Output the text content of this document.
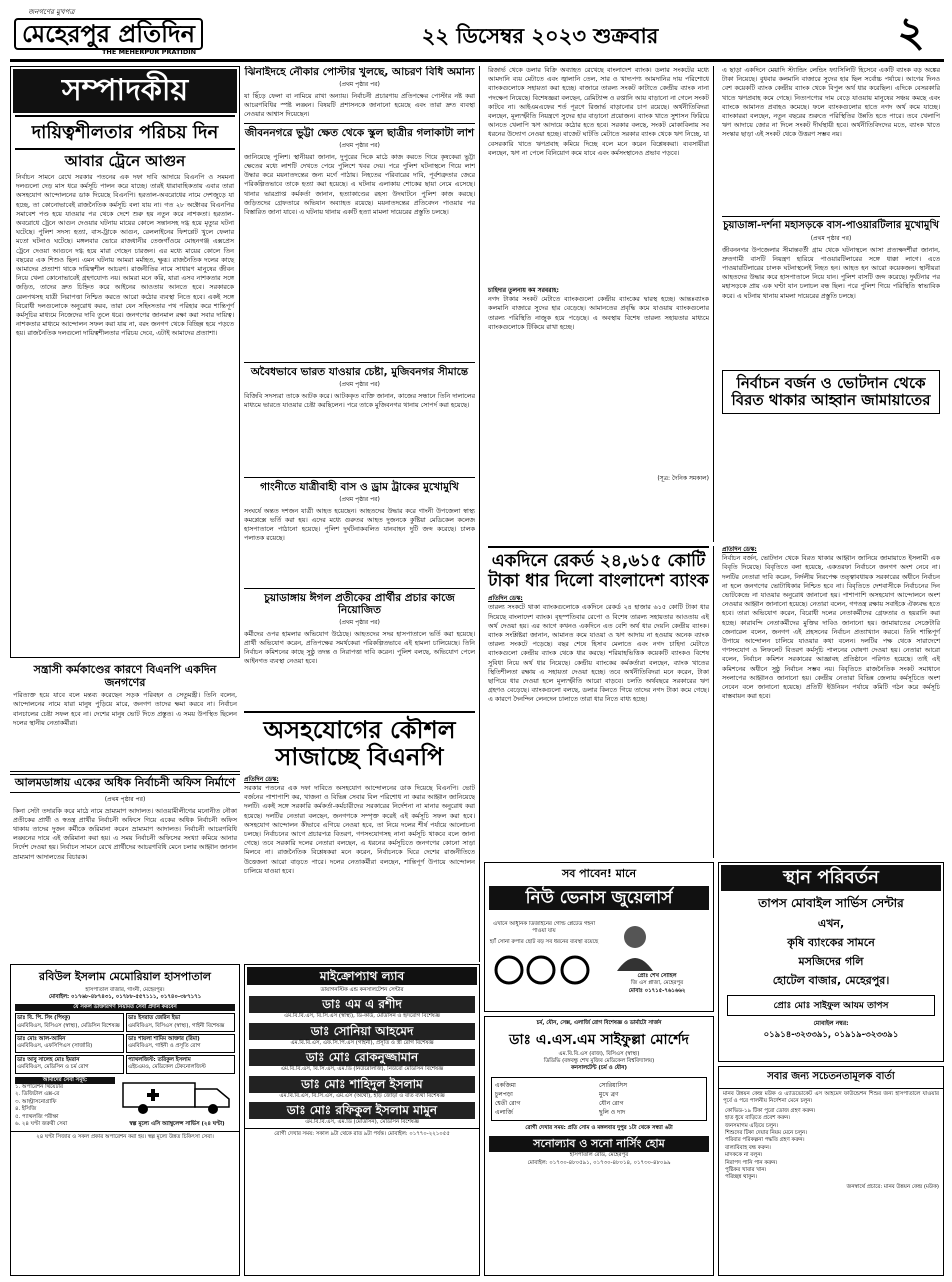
জনগণের মুখপত্র
মেহেরপুর প্রতিদিন
THE MEHERPUR PRATIDIN
২২ ডিসেম্বর ২০২৩ শুক্রবার	২
সম্পাদকীয়
দায়িত্বশীলতার পরিচয় দিন
আবার ট্রেনে আগুন
নির্বাচন সামনে রেখে সরকার পতনের এক দফা দাবি আদায়ে বিএনপি ও সমমনা দলগুলো দেড় মাস ধরে কর্মসূচি পালন করে যাচ্ছে। তারই ধারাবাহিকতায় এবার তারা অসহযোগ আন্দোলনের ডাক দিয়েছে বিএনপি। হরতাল-অবরোধের নামে দেশজুড়ে যা হচ্ছে, তা কোনোভাবেই রাজনৈতিক কর্মসূচি বলা যায় না। গত ২৮ অক্টোবর বিএনপির সমাবেশ পণ্ড হয়ে যাওয়ার পর থেকে দেশে শুরু হয় নতুন করে নাশকতা। হরতাল-অবরোধে ট্রেনে আগুন দেওয়ার ঘটনায় মায়ের কোলে সন্তানসহ দগ্ধ হয়ে মৃত্যুর ঘটনা ঘটেছে। পুলিশ সদস্য হত্যা, বাস-ট্রাকে আগুন, রেললাইনের ফিশপ্লেট খুলে ফেলার মতো ঘটনাও ঘটেছে। মঙ্গলবার ভোরে রাজধানীর তেজগাঁওয়ে মোহনগঞ্জ এক্সপ্রেস ট্রেনে দেওয়া আগুনে দগ্ধ হয়ে মারা গেছেন চারজন। এর মধ্যে মায়ের কোলে তিন বছরের এক শিশুও ছিল। এমন ঘটনায় আমরা মর্মাহত, ক্ষুব্ধ। রাজনৈতিক দলের কাছে আমাদের প্রত্যাশা থাকে দায়িত্বশীল আচরণ। রাজনীতির নামে সাধারণ মানুষের জীবন নিয়ে খেলা কোনোভাবেই গ্রহণযোগ্য নয়। আমরা মনে করি, যারা এসব নাশকতার সঙ্গে জড়িত, তাদের দ্রুত চিহ্নিত করে আইনের আওতায় আনতে হবে। সরকারকে রেলপথসহ যাত্রী নিরাপত্তা নিশ্চিত করতে আরো কঠোর ব্যবস্থা নিতে হবে। একই সঙ্গে বিরোধী দলগুলোকে অনুরোধ করব, তারা যেন সহিংসতার পথ পরিহার করে শান্তিপূর্ণ কর্মসূচির মাধ্যমে নিজেদের দাবি তুলে ধরে। জনগণের জানমাল রক্ষা করা সবার দায়িত্ব। নাশকতার মাধ্যমে আন্দোলন সফল করা যায় না, বরং জনগণ থেকে বিচ্ছিন্ন হয়ে পড়তে হয়। রাজনৈতিক দলগুলো দায়িত্বশীলতার পরিচয় দেবে, এটাই আমাদের প্রত্যাশা।
সন্ত্রাসী কর্মকাণ্ডের কারণে বিএনপি একদিন জনগণের
পরিত্যক্ত হয়ে যাবে বলে মন্তব্য করেছেন সড়ক পরিবহন ও সেতুমন্ত্রী। তিনি বলেন, আন্দোলনের নামে যারা মানুষ পুড়িয়ে মারে, জনগণ তাদের ক্ষমা করবে না। নির্বাচন বানচালের চেষ্টা সফল হবে না। দেশের মানুষ ভোট দিতে প্রস্তুত। এ সময় উপস্থিত ছিলেন দলের স্থানীয় নেতাকর্মীরা।
আলমডাঙ্গায় একের অধিক নির্বাচনী অফিস নির্মাণে
(প্রথম পৃষ্ঠার পর)
কিনা সেটা তদারকি করে মাঠে নামে ভ্রাম্যমাণ আদালত। আওয়ামীলীগের মনোনীত নৌকা প্রতীকের প্রার্থী ও স্বতন্ত্র প্রার্থীর নির্বাচনী অফিসে গিয়ে একের অধিক নির্বাচনী অফিস থাকায় তাদের দুজন কর্মীকে জরিমানা করেন ভ্রাম্যমাণ আদালত। নির্বাচনী আচরণবিধি লঙ্ঘনের দায়ে এই জরিমানা করা হয়। এ সময় নির্বাচনী অফিসের সংখ্যা কমিয়ে আনার নির্দেশ দেওয়া হয়। নির্বাচন সামনে রেখে প্রার্থীদের আচরণবিধি মেনে চলার আহ্বান জানান ভ্রাম্যমাণ আদালতের বিচারক।
ঝিনাইদহে নৌকার পোস্টার খুলছে, আচরণ বিধি অমান্য
(প্রথম পৃষ্ঠার পর)
যা ছিঁড়ে ফেলা বা নামিয়ে রাখা অন্যায়। নির্বাচনী প্রচারণায় প্রতিপক্ষের পোস্টার নষ্ট করা আচরণবিধির স্পষ্ট লঙ্ঘন। বিষয়টি প্রশাসনকে জানানো হয়েছে এবং তারা দ্রুত ব্যবস্থা নেওয়ার আশ্বাস দিয়েছেন।
জীবননগরে ভুট্টা ক্ষেত থেকে স্কুল ছাত্রীর গলাকাটা লাশ
(প্রথম পৃষ্ঠার পর)
জানিয়েছে পুলিশ। স্থানীয়রা জানান, দুপুরের দিকে মাঠে কাজ করতে গিয়ে কৃষকেরা ভুট্টা ক্ষেতের মধ্যে লাশটি দেখতে পেয়ে পুলিশে খবর দেয়। পরে পুলিশ ঘটনাস্থলে গিয়ে লাশ উদ্ধার করে ময়নাতদন্তের জন্য মর্গে পাঠায়। নিহতের পরিবারের দাবি, পূর্বশত্রুতার জেরে পরিকল্পিতভাবে তাকে হত্যা করা হয়েছে। এ ঘটনায় এলাকায় শোকের ছায়া নেমে এসেছে। থানার ভারপ্রাপ্ত কর্মকর্তা জানান, হত্যাকাণ্ডের রহস্য উদঘাটনে পুলিশ কাজ করছে। জড়িতদের গ্রেফতারে অভিযান অব্যাহত রয়েছে। ময়নাতদন্তের প্রতিবেদন পাওয়ার পর বিস্তারিত জানা যাবে। এ ঘটনায় থানায় একটি হত্যা মামলা দায়েরের প্রস্তুতি চলছে।
অবৈধভাবে ভারত যাওয়ার চেষ্টা, মুজিবনগর সীমান্তে
(প্রথম পৃষ্ঠার পর)
বিজিবি সদস্যরা তাকে আটক করে। আটককৃত ব্যক্তি জানান, কাজের সন্ধানে তিনি দালালের মাধ্যমে ভারতে যাওয়ার চেষ্টা করছিলেন। পরে তাকে মুজিবনগর থানায় সোপর্দ করা হয়েছে।
গাংনীতে যাত্রীবাহী বাস ও ড্রাম ট্রাকের মুখোমুখি
(প্রথম পৃষ্ঠার পর)
সংঘর্ষে অন্তত দশজন যাত্রী আহত হয়েছেন। আহতদের উদ্ধার করে গাংনী উপজেলা স্বাস্থ্য কমপ্লেক্সে ভর্তি করা হয়। এদের মধ্যে গুরুতর আহত দুজনকে কুষ্টিয়া মেডিকেল কলেজ হাসপাতালে পাঠানো হয়েছে। পুলিশ দুর্ঘটনাকবলিত যানবাহন দুটি জব্দ করেছে। চালক পলাতক রয়েছে।
চুয়াডাঙ্গায় ঈগল প্রতীকের প্রার্থীর প্রচার কাজে নিয়োজিত
(প্রথম পৃষ্ঠার পর)
কর্মীদের ওপর হামলার অভিযোগ উঠেছে। আহতদের সদর হাসপাতালে ভর্তি করা হয়েছে। প্রার্থী অভিযোগ করেন, প্রতিপক্ষের সমর্থকেরা পরিকল্পিতভাবে এই হামলা চালিয়েছে। তিনি নির্বাচন কমিশনের কাছে সুষ্ঠু তদন্ত ও নিরাপত্তা দাবি করেন। পুলিশ বলছে, অভিযোগ পেলে আইনগত ব্যবস্থা নেওয়া হবে।
অসহযোগের কৌশল
সাজাচ্ছে বিএনপি
প্রতিদিন ডেস্ক:
সরকার পতনের এক দফা দাবিতে অসহযোগ আন্দোলনের ডাক দিয়েছে বিএনপি। ভোট বর্জনের পাশাপাশি কর, খাজনা ও বিভিন্ন সেবার বিল পরিশোধ না করার আহ্বান জানিয়েছে দলটি। একই সঙ্গে সরকারি কর্মকর্তা-কর্মচারীদের সরকারের নির্দেশনা না মানার অনুরোধ করা হয়েছে। দলটির নেতারা বলছেন, জনগণকে সম্পৃক্ত করেই এই কর্মসূচি সফল করা হবে। অসহযোগ আন্দোলন কীভাবে এগিয়ে নেওয়া হবে, তা নিয়ে দলের শীর্ষ পর্যায়ে আলোচনা চলছে। নির্বাচনের আগে প্রচারপত্র বিতরণ, গণসংযোগসহ নানা কর্মসূচি থাকবে বলে জানা গেছে। তবে সরকারি দলের নেতারা বলছেন, এ ধরনের কর্মসূচিতে জনগণের কোনো সাড়া মিলবে না। রাজনৈতিক বিশ্লেষকরা মনে করেন, নির্বাচনকে ঘিরে দেশের রাজনীতিতে উত্তেজনা আরো বাড়তে পারে। দলের নেতাকর্মীরা বলছেন, শান্তিপূর্ণ উপায়ে আন্দোলন চালিয়ে যাওয়া হবে।
রিজার্ভ থেকে ডলার বিক্রি অব্যাহত রেখেছে বাংলাদেশ ব্যাংক। ডলার সংকটের মধ্যে আমদানি ব্যয় মেটাতে এবং জ্বালানি তেল, সার ও খাদ্যপণ্য আমদানির দায় পরিশোধে ব্যাংকগুলোকে সহায়তা করা হচ্ছে। বাজারে তারল্য সংকট কাটাতে কেন্দ্রীয় ব্যাংক নানা পদক্ষেপ নিয়েছে। বিশেষজ্ঞরা বলছেন, রেমিট্যান্স ও রপ্তানি আয় বাড়ানো না গেলে সংকট কাটবে না। আইএমএফের শর্ত পূরণে রিজার্ভ বাড়ানোর চাপ রয়েছে। অর্থনীতিবিদরা বলছেন, মূল্যস্ফীতি নিয়ন্ত্রণে সুদের হার বাড়ানো প্রয়োজন। ব্যাংক খাতে সুশাসন ফিরিয়ে আনতে খেলাপি ঋণ আদায়ে কঠোর হতে হবে। সরকার বলছে, সংকট মোকাবিলায় সব ধরনের উদ্যোগ নেওয়া হচ্ছে। বাজেট ঘাটতি মেটাতে সরকার ব্যাংক থেকে ঋণ নিচ্ছে, যা বেসরকারি খাতে ঋণপ্রবাহ কমিয়ে দিচ্ছে বলে মনে করেন বিশ্লেষকরা। ব্যবসায়ীরা বলছেন, ঋণ না পেলে বিনিয়োগ কমে যাবে এবং কর্মসংস্থানেও প্রভাব পড়বে।
চাহিদার তুলনায় কম সরবরাহ:
নগদ টাকার সংকট মেটাতে ব্যাংকগুলো কেন্দ্রীয় ব্যাংকের দ্বারস্থ হচ্ছে। আন্তঃব্যাংক কলমানি বাজারে সুদের হার বেড়েছে। আমানতের প্রবৃদ্ধি কমে যাওয়ায় ব্যাংকগুলোর তারল্য পরিস্থিতি নাজুক হয়ে পড়েছে। এ অবস্থায় বিশেষ তারল্য সহায়তার মাধ্যমে ব্যাংকগুলোকে টিকিয়ে রাখা হচ্ছে।
(সূত্র: দৈনিক সমকাল)
এ ছাড়া একদিনে মেয়াদি স্ট্যান্ডিং লেন্ডিং ফ্যাসিলিটি হিসেবে একটি ব্যাংক বড় অঙ্কের টাকা নিয়েছে। বুধবার কলমানি বাজারে সুদের হার ছিল সর্বোচ্চ পর্যায়ে। আগের দিনও বেশ কয়েকটি ব্যাংক কেন্দ্রীয় ব্যাংক থেকে বিপুল অর্থ ধার করেছিল। এদিকে বেসরকারি খাতে ঋণপ্রবাহ কমে গেছে। নিত্যপণ্যের দাম বেড়ে যাওয়ায় মানুষের সঞ্চয় কমছে এবং ব্যাংকে আমানত প্রবাহও কমেছে। ফলে ব্যাংকগুলোর হাতে নগদ অর্থ কমে যাচ্ছে। ব্যাংকাররা বলছেন, নতুন বছরের শুরুতে পরিস্থিতির উন্নতি হতে পারে। তবে খেলাপি ঋণ আদায়ে জোর না দিলে সংকট দীর্ঘস্থায়ী হবে। অর্থনীতিবিদদের মতে, ব্যাংক খাতে সংস্কার ছাড়া এই সংকট থেকে উত্তরণ সম্ভব নয়।
চুয়াডাঙ্গা-দর্শনা মহাসড়কে বাস-পাওয়ারটিলার মুখোমুখি
(প্রথম পৃষ্ঠার পর)
জীবননগর উপজেলার সীমান্তবর্তী গ্রাম থেকে ঘটনাস্থলে আসা প্রত্যক্ষদর্শীরা জানান, দ্রুতগামী বাসটি নিয়ন্ত্রণ হারিয়ে পাওয়ারটিলারের সঙ্গে ধাক্কা লাগে। এতে পাওয়ারটিলারের চালক ঘটনাস্থলেই নিহত হন। আহত হন আরো কয়েকজন। স্থানীয়রা আহতদের উদ্ধার করে হাসপাতালে নিয়ে যান। পুলিশ বাসটি জব্দ করেছে। দুর্ঘটনার পর মহাসড়কে প্রায় এক ঘণ্টা যান চলাচল বন্ধ ছিল। পরে পুলিশ গিয়ে পরিস্থিতি স্বাভাবিক করে। এ ঘটনায় থানায় মামলা দায়েরের প্রস্তুতি চলছে।
নির্বাচন বর্জন ও ভোটদান থেকে
বিরত থাকার আহ্বান জামায়াতের
একদিনে রেকর্ড ২৪,৬১৫ কোটি
টাকা ধার দিলো বাংলাদেশ ব্যাংক
প্রতিদিন ডেস্ক:
তারল্য সংকটে থাকা ব্যাংকগুলোকে একদিনে রেকর্ড ২৪ হাজার ৬১৫ কোটি টাকা ধার দিয়েছে বাংলাদেশ ব্যাংক। বৃহস্পতিবার রেপো ও বিশেষ তারল্য সহায়তার আওতায় এই অর্থ দেওয়া হয়। এর আগে কখনও একদিনে এত বেশি অর্থ ধার দেয়নি কেন্দ্রীয় ব্যাংক। ব্যাংক সংশ্লিষ্টরা জানান, আমানত কমে যাওয়া ও ঋণ আদায় না হওয়ায় অনেক ব্যাংক তারল্য সংকটে পড়েছে। বছর শেষে হিসাব মেলাতে এবং নগদ চাহিদা মেটাতে ব্যাংকগুলো কেন্দ্রীয় ব্যাংক থেকে ধার করছে। শরিয়াহভিত্তিক কয়েকটি ব্যাংকও বিশেষ সুবিধা নিয়ে অর্থ ধার নিয়েছে। কেন্দ্রীয় ব্যাংকের কর্মকর্তারা বলছেন, ব্যাংক খাতের স্থিতিশীলতা রক্ষায় এ সহায়তা দেওয়া হচ্ছে। তবে অর্থনীতিবিদরা মনে করেন, টাকা ছাপিয়ে ধার দেওয়া হলে মূল্যস্ফীতি আরো বাড়বে। চলতি অর্থবছরে সরকারের ঋণ গ্রহণও বেড়েছে। ব্যাংকগুলো বলছে, ডলার কিনতে গিয়ে তাদের নগদ টাকা কমে গেছে। এ কারণে দৈনন্দিন লেনদেন চালাতে তারা ধার নিতে বাধ্য হচ্ছে।
প্রতিদিন ডেস্ক:
নির্বাচন বর্জন, ভোটদান থেকে বিরত থাকার আহ্বান জানিয়ে জামায়াতে ইসলামী এক বিবৃতি দিয়েছে। বিবৃতিতে বলা হয়েছে, একতরফা নির্বাচনে জনগণ অংশ নেবে না। দলটির নেতারা দাবি করেন, নির্দলীয় নিরপেক্ষ তত্ত্বাবধায়ক সরকারের অধীনে নির্বাচন না হলে জনগণের ভোটাধিকার নিশ্চিত হবে না। বিবৃতিতে দেশবাসীকে নির্বাচনের দিন ভোটকেন্দ্রে না যাওয়ার অনুরোধ জানানো হয়। পাশাপাশি অসহযোগ আন্দোলনে অংশ নেওয়ার আহ্বান জানানো হয়েছে। নেতারা বলেন, গণতন্ত্র রক্ষায় সবাইকে ঐক্যবদ্ধ হতে হবে। তারা অভিযোগ করেন, বিরোধী দলের নেতাকর্মীদের গ্রেফতার ও হয়রানি করা হচ্ছে। কারাবন্দি নেতাকর্মীদের মুক্তির দাবিও জানানো হয়। জামায়াতের সেক্রেটারি জেনারেল বলেন, জনগণ এই প্রহসনের নির্বাচন প্রত্যাখ্যান করবে। তিনি শান্তিপূর্ণ উপায়ে আন্দোলন চালিয়ে যাওয়ার কথা বলেন। দলটির পক্ষ থেকে সারাদেশে গণসংযোগ ও লিফলেট বিতরণ কর্মসূচি পালনের ঘোষণা দেওয়া হয়। নেতারা আরো বলেন, নির্বাচন কমিশন সরকারের আজ্ঞাবহ প্রতিষ্ঠানে পরিণত হয়েছে। তাই এই কমিশনের অধীনে সুষ্ঠু নির্বাচন সম্ভব নয়। বিবৃতিতে রাজনৈতিক সংকট সমাধানে সংলাপের আহ্বানও জানানো হয়। কেন্দ্রীয় নেতারা বিভিন্ন জেলায় কর্মসূচিতে অংশ নেবেন বলে জানানো হয়েছে। প্রতিটি ইউনিয়ন পর্যায়ে কমিটি গঠন করে কর্মসূচি বাস্তবায়ন করা হবে।
সব পাবেন! মানে
নিউ ভেনাস জুয়েলার্স
এখানে আধুনিক ডিজাইনের গোল্ড প্লেটেড গহনা পাওয়া যায়
হ্যাঁ সোনা রুপার ছোট বড় সব ধরনের ব্যবস্থা রয়েছে
প্রোঃ শেখ সোহিল
জি এস প্লাজা, মেহেরপুর
মোবাঃ ০১৭১৫-৭৬১৬৬২
চর্ম, যৌন, সেক্স, এলার্জি রোগ বিশেষজ্ঞ ও ডার্মাটো সার্জন
ডাঃ এ.এস.এম সাইফুল্লা মোর্শেদ
এম.বি.বি.এস (রাজ), বিসিএস (স্বাস্থ্য)
ডিডিভি (বঙ্গবন্ধু শেখ মুজিব মেডিকেল বিশ্ববিদ্যালয়)
কনসালটেন্ট (চর্ম ও যৌন)
একজিমা	সোরিয়াসিস
চুলপড়া	মুখে ব্রণ
শ্বেতী রোগ	যৌন রোগ
এলার্জি	ছুলি ও দাদ
রোগী দেখার সময়: প্রতি সোম ও মঙ্গলবার দুপুর ১টা থেকে সন্ধ্যা ৬টা
সনোল্যাব ও সনো নার্সিং হোম
হাসপাতাল রোড, মেহেরপুর
মোবাইল: ০১৭৩০-৪৮০৫৯১, ০১৭৩০-৪৮০১৪, ০১৭৩০-৪৮০৯৯
স্থান পরিবর্তন
তাপস মোবাইল সার্ভিস সেন্টার
এখন,
কৃষি ব্যাংকের সামনে
মসজিদের গলি
হোটেল বাজার, মেহেরপুর।
প্রোঃ মোঃ সাইফুল আযম তাপস
মোবাইল নম্বর:
০১৯১৪-৩২৩৩৯১, ০১৯১৯-৩২৩৩৯১
সবার জন্য সচেতনতামূলক বার্তা
মানব উন্নয়ন কেন্দ্র মউক ও এ্যাডভোকেট এস আহমেদ ফাউন্ডেশন শিশুর জন্য হাসপাতালে যাওয়ার পূর্বে ও পরে পালনীয় নির্দেশনা মেনে চলুন।
কোভিড-১৯ টিকা পুরো ডোজ গ্রহণ করুন।
হাত ধুয়ে বাড়িতে প্রবেশ করুন।
জনসমাগম এড়িয়ে চলুন।
শিশুদের টিকা দেয়ার নিয়ম মেনে চলুন।
পরিবার পরিকল্পনা পদ্ধতি গ্রহণ করুন।
বাল্যবিবাহ বন্ধ করুন।
মাদককে না বলুন।
নিরাপদ পানি পান করুন।
পুষ্টিকর খাবার খান।
পরিচ্ছন্ন থাকুন।
জনস্বার্থে প্রচারে: মানব উন্নয়ন কেন্দ্র (মউক)
রবিউল ইসলাম মেমোরিয়াল হাসপাতাল
হাসপাতাল বাজার, গাংনী, মেহেরপুর।
মোবাইল: ০১৭৬৮-৪৮৭৪৩১, ০১৭৮৮-৫৫৭১১১, ০১৭৪০-৩৮৭১৭১
যে সকল ডাক্তারগণ নিয়মিত সেবা প্রদান করবেন
ডাঃ বি. পি. সিং (পিংকু)
এমবিবিএস, বিসিএস (স্বাস্থ্য), মেডিসিন বিশেষজ্ঞ
ডাঃ ইসরাত জেরিন ইভা
এমবিবিএস, বিসিএস (স্বাস্থ্য), গাইনী বিশেষজ্ঞ
ডাঃ মোঃ আল-আমিন
এমবিবিএস, এফসিপিএস (সার্জারি)
ডাঃ শায়লা শামিম আক্তার (রিমা)
এমবিবিএস, গাইনী ও প্রসূতি রোগ
ডাঃ আবু সালেহ মোঃ ইমরান
এমবিবিএস, মেডিসিন ও চর্ম রোগ
প্যাথলজিস্ট: তরিকুল ইসলাম
এইচএমও, মেডিকেল টেকনোলজিস্ট
আমাদের সেবা সমূহ:
১. অপারেশন থিয়েটার
২. ডিজিটাল এক্স-রে
৩. আল্ট্রাসনোগ্রাফি
৪. ইসিজি
৫. প্যাথলজি পরীক্ষা
৬. ২৪ ঘণ্টা জরুরী সেবা	স্বল্প মূল্যে এসি অ্যাম্বুলেন্স সার্ভিস (২৪ ঘণ্টা)
২৪ ঘণ্টা সিজার ও সকল প্রকার অপারেশন করা হয়। স্বল্প মূল্যে উন্নত চিকিৎসা সেবা।
মাইক্রোপ্যাথ ল্যাব
ডায়াগনস্টিক এন্ড কনসালটেশন সেন্টার
ডাঃ এম এ রশীদ
এম.বি.বি.এস, বি.সি.এস (স্বাস্থ্য), ডি-কার্ড, মেডিসিন ও হৃদরোগ বিশেষজ্ঞ
ডাঃ সোনিয়া আহমেদ
এম.বি.বি.এস, এফ.সি.পি.এস (গাইনী), প্রসূতি ও স্ত্রী রোগ বিশেষজ্ঞ
ডাঃ মোঃ রোকনুজ্জামান
এম.বি.বি.এস, বি.সি.এস, এম.ডি (নিউরোলজি), নিউরো মেডিসিন বিশেষজ্ঞ
ডাঃ মোঃ শাহিদুল ইসলাম
এম.বি.বি.এস, বি.সি.এস, এম.এস (অর্থো), হাড় জোড়া ও বাত ব্যথা বিশেষজ্ঞ
ডাঃ মোঃ রফিকুল ইসলাম মামুন
এম.বি.বি.এস, এম.ডি (মেডিসিন), মেডিসিন বিশেষজ্ঞ
রোগী দেখার সময়: সকাল ৯টা থেকে রাত ৯টা পর্যন্ত। মোবাইল: ০১৭৭০-২২১০৫৫
